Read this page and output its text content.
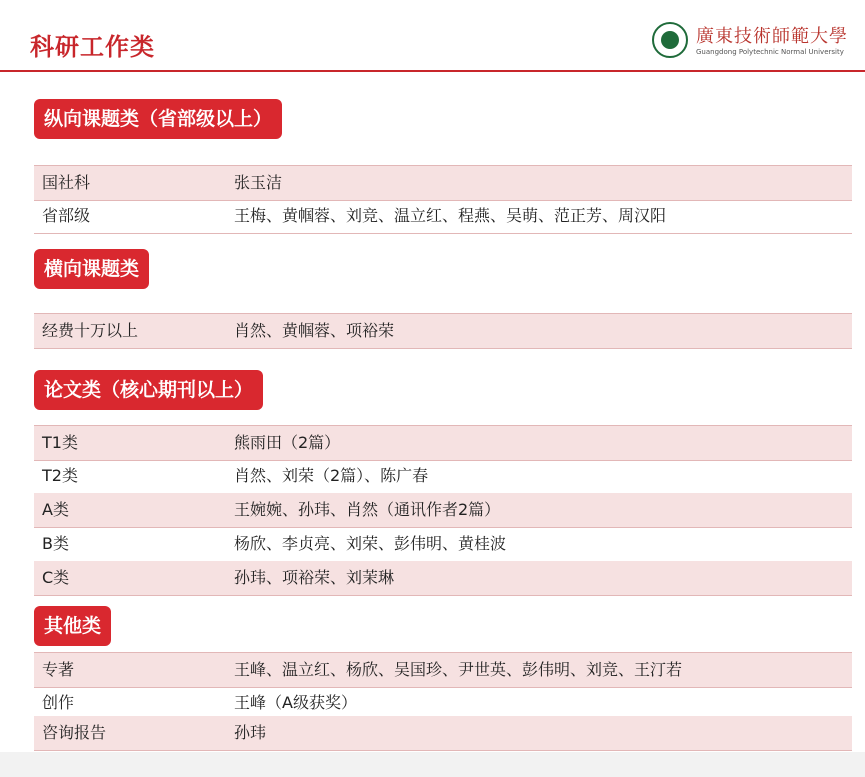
科研工作类	廣東技術師範大學
Guangdong Polytechnic Normal University
纵向课题类（省部级以上）
国社科	张玉洁
省部级	王梅、黄帼蓉、刘竞、温立红、程燕、吴萌、范正芳、周汉阳
横向课题类
经费十万以上	肖然、黄帼蓉、项裕荣
论文类（核心期刊以上）
T1类	熊雨田（2篇）
T2类	肖然、刘荣（2篇）、陈广春
A类	王婉婉、孙玮、肖然（通讯作者2篇）
B类	杨欣、李贞亮、刘荣、彭伟明、黄桂波
C类	孙玮、项裕荣、刘茉琳
其他类
专著	王峰、温立红、杨欣、吴国珍、尹世英、彭伟明、刘竞、王汀若
创作	王峰（A级获奖）
咨询报告	孙玮
